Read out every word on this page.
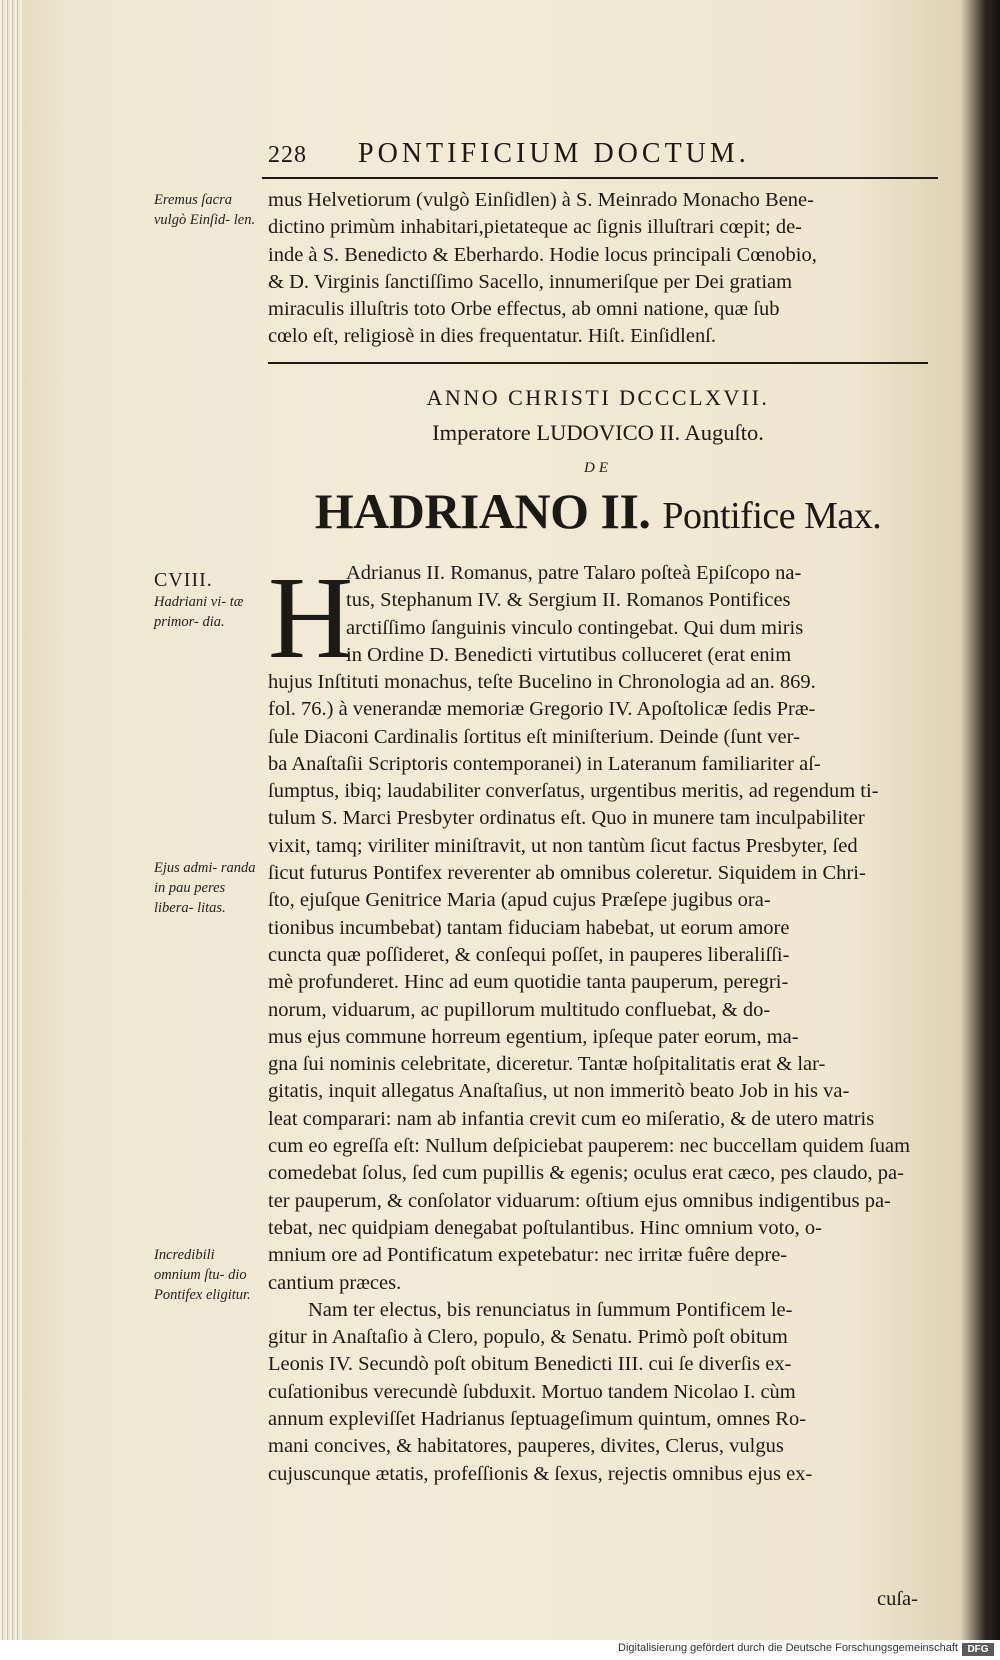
228 PONTIFICIUM DOCTUM.
Eremus ſacra vulgò Einſid- len.
mus Helvetiorum (vulgò Einſidlen) à S. Meinrado Monacho Bene-
dictino primùm inhabitari,pietateque ac ſignis illuſtrari cœpit; de-
inde à S. Benedicto & Eberhardo. Hodie locus principali Cœnobio,
& D. Virginis ſanctiſſimo Sacello, innumeriſque per Dei gratiam
miraculis illuſtris toto Orbe effectus, ab omni natione, quæ ſub
cœlo eſt, religiosè in dies frequentatur. Hiſt. Einſidlenſ.
ANNO CHRISTI DCCCLXVII.
Imperatore LUDOVICO II. Auguſto.
DE
HADRIANO II. Pontifice Max.
CVIII.
Hadriani vi- tæ primor- dia. H
Adrianus II. Romanus, patre Talaro poſteà Epiſcopo na-
tus, Stephanum IV. & Sergium II. Romanos Pontifices
arctiſſimo ſanguinis vinculo contingebat. Qui dum miris
in Ordine D. Benedicti virtutibus colluceret (erat enim
Ejus admi- randa in pau peres libera- litas.
Incredibili omnium ſtu- dio Pontifex eligitur.
hujus Inſtituti monachus, teſte Bucelino in Chronologia ad an. 869.
fol. 76.) à venerandæ memoriæ Gregorio IV. Apoſtolicæ ſedis Præ-
ſule Diaconi Cardinalis ſortitus eſt miniſterium. Deinde (ſunt ver-
ba Anaſtaſii Scriptoris contemporanei) in Lateranum familiariter aſ-
ſumptus, ibiq; laudabiliter converſatus, urgentibus meritis, ad regendum ti-
tulum S. Marci Presbyter ordinatus eſt. Quo in munere tam inculpabiliter
vixit, tamq; viriliter miniſtravit, ut non tantùm ſicut factus Presbyter, ſed
ſicut futurus Pontifex reverenter ab omnibus coleretur. Siquidem in Chri-
ſto, ejuſque Genitrice Maria (apud cujus Præſepe jugibus ora-
tionibus incumbebat) tantam fiduciam habebat, ut eorum amore
cuncta quæ poſſideret, & conſequi poſſet, in pauperes liberaliſſi-
mè profunderet. Hinc ad eum quotidie tanta pauperum, peregri-
norum, viduarum, ac pupillorum multitudo confluebat, & do-
mus ejus commune horreum egentium, ipſeque pater eorum, ma-
gna ſui nominis celebritate, diceretur. Tantæ hoſpitalitatis erat & lar-
gitatis, inquit allegatus Anaſtaſius, ut non immeritò beato Job in his va-
leat comparari: nam ab infantia crevit cum eo miſeratio, & de utero matris
cum eo egreſſa eſt: Nullum deſpiciebat pauperem: nec buccellam quidem ſuam
comedebat ſolus, ſed cum pupillis & egenis; oculus erat cæco, pes claudo, pa-
ter pauperum, & conſolator viduarum: oſtium ejus omnibus indigentibus pa-
tebat, nec quidpiam denegabat poſtulantibus. Hinc omnium voto, o-
mnium ore ad Pontificatum expetebatur: nec irritæ fuêre depre-
cantium præces.
Nam ter electus, bis renunciatus in ſummum Pontificem le-
gitur in Anaſtaſio à Clero, populo, & Senatu. Primò poſt obitum
Leonis IV. Secundò poſt obitum Benedicti III. cui ſe diverſis ex-
cuſationibus verecundè ſubduxit. Mortuo tandem Nicolao I. cùm
annum expleviſſet Hadrianus ſeptuageſimum quintum, omnes Ro-
mani concives, & habitatores, pauperes, divites, Clerus, vulgus
cujuscunque ætatis, profeſſionis & ſexus, rejectis omnibus ejus ex-
cuſa-
Digitalisierung gefördert durch die Deutsche Forschungsgemeinschaft DFG
